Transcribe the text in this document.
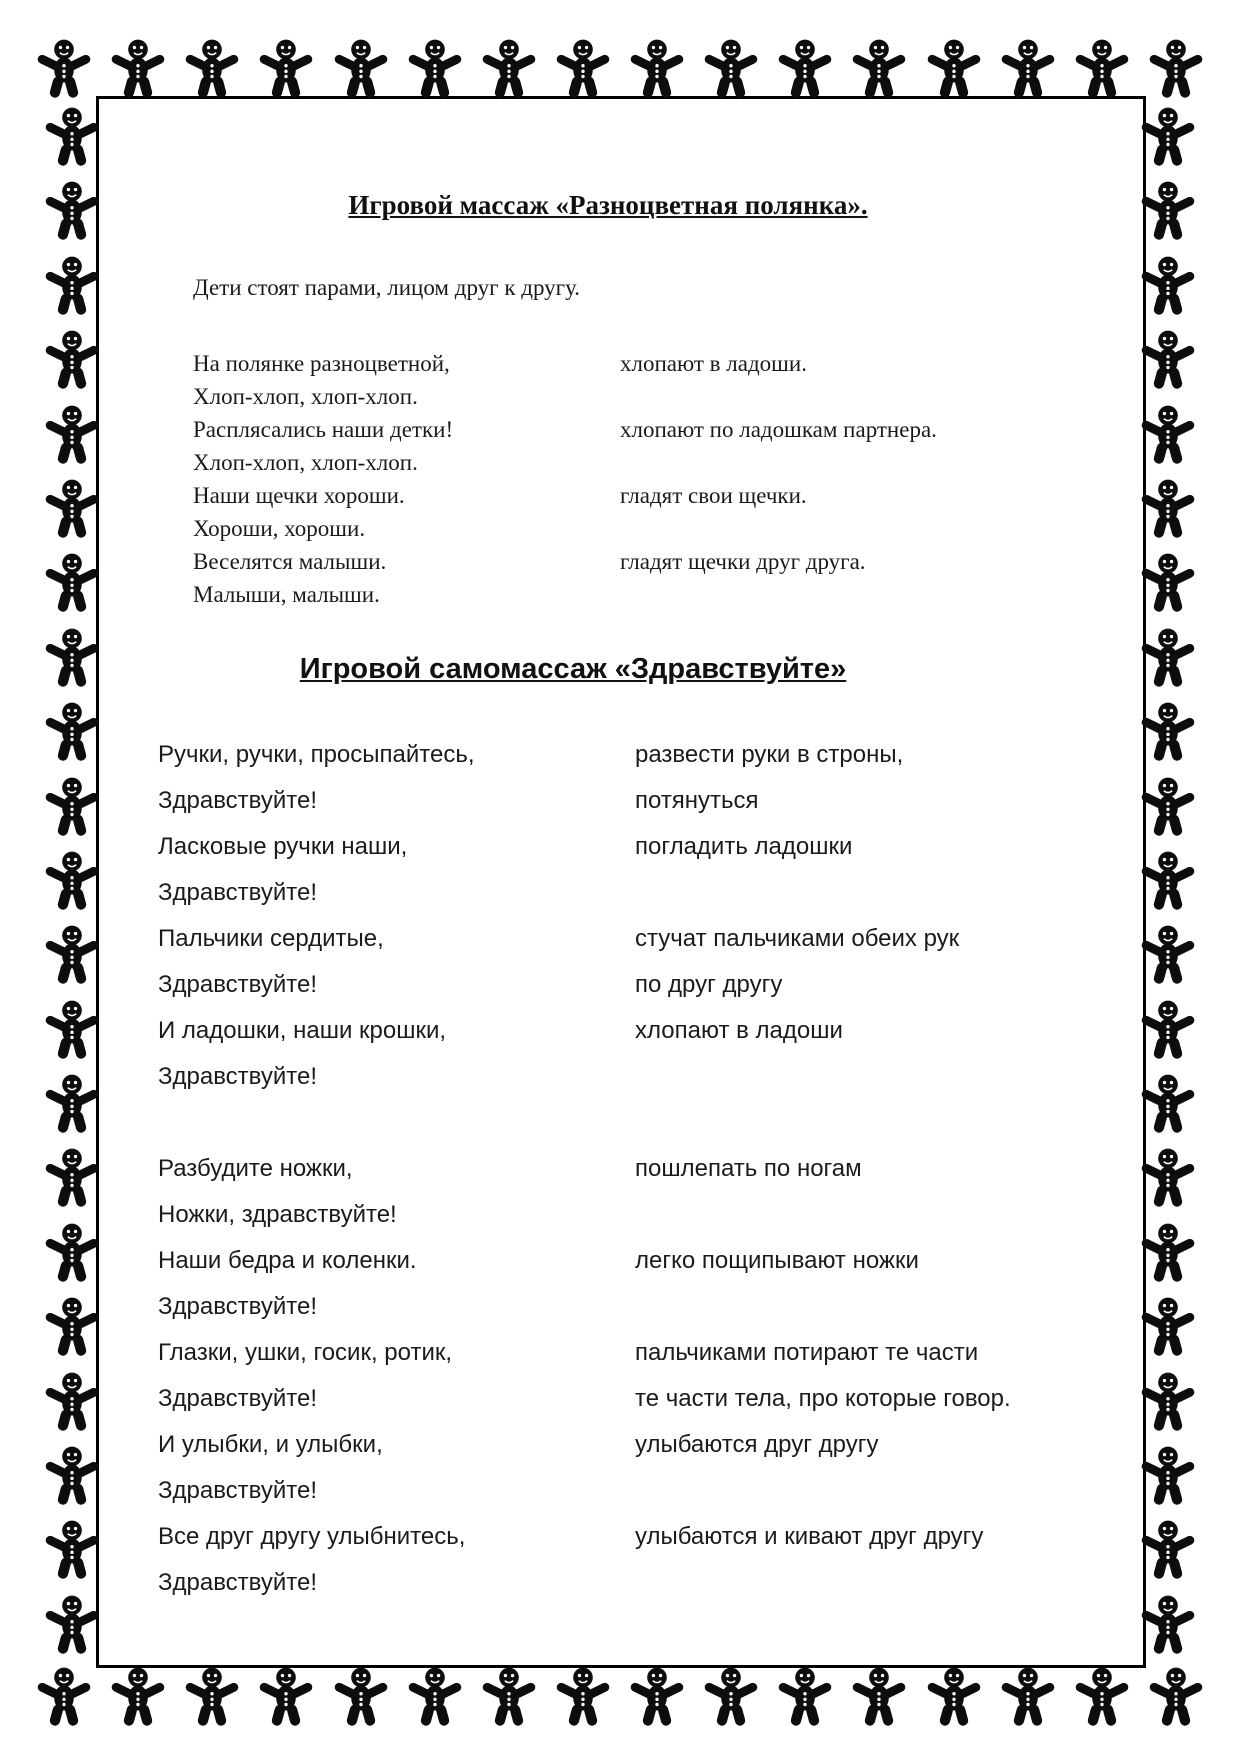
Игровой массаж «Разноцветная полянка».

Дети стоят парами, лицом друг к другу.

На полянке разноцветной,	хлопают в ладоши.
Хлоп-хлоп, хлоп-хлоп.
Расплясались наши детки!	хлопают по ладошкам партнера.
Хлоп-хлоп, хлоп-хлоп.
Наши щечки хороши.	гладят свои щечки.
Хороши, хороши.
Веселятся малыши.	гладят щечки друг друга.
Малыши, малыши.
Игровой самомассаж «Здравствуйте»
Ручки, ручки, просыпайтесь,	развести руки в строны,
Здравствуйте!	потянуться
Ласковые ручки наши,	погладить ладошки
Здравствуйте!
Пальчики сердитые,	стучат пальчиками обеих рук
Здравствуйте!	по друг другу
И ладошки, наши крошки,	хлопают в ладоши
Здравствуйте!
Разбудите ножки,	пошлепать по ногам
Ножки, здравствуйте!
Наши бедра и коленки.	легко пощипывают ножки
Здравствуйте!
Глазки, ушки, госик, ротик,	пальчиками потирают те части
Здравствуйте!	те части тела, про которые говор.
И улыбки, и улыбки,	улыбаются друг другу
Здравствуйте!
Все друг другу улыбнитесь,	улыбаются и кивают друг другу
Здравствуйте!
